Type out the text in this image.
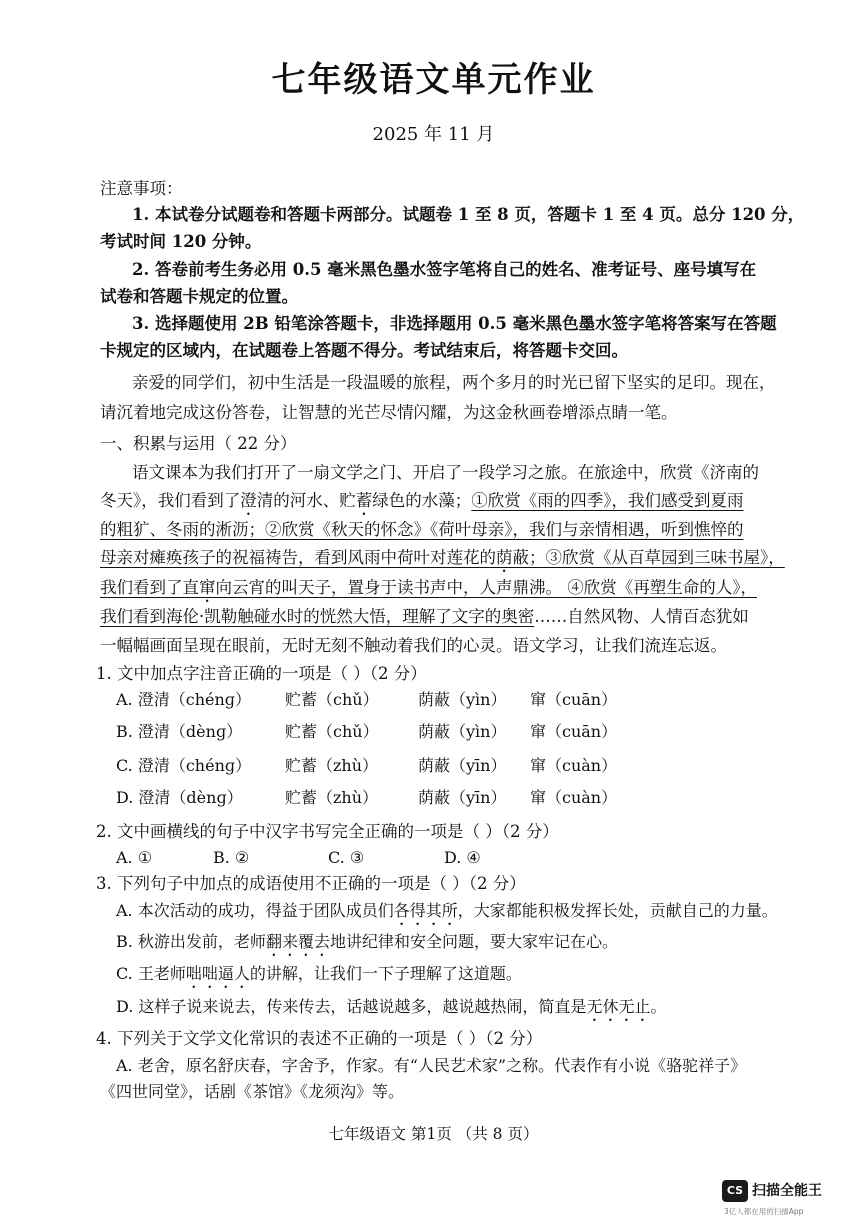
七年级语文单元作业
2025 年 11 月
注意事项：
1. 本试卷分试题卷和答题卡两部分。试题卷 1 至 8 页，答题卡 1 至 4 页。总分 120 分，
考试时间 120 分钟。
2. 答卷前考生务必用 0.5 毫米黑色墨水签字笔将自己的姓名、准考证号、座号填写在
试卷和答题卡规定的位置。
3. 选择题使用 2B 铅笔涂答题卡，非选择题用 0.5 毫米黑色墨水签字笔将答案写在答题
卡规定的区域内，在试题卷上答题不得分。考试结束后，将答题卡交回。
亲爱的同学们，初中生活是一段温暖的旅程，两个多月的时光已留下坚实的足印。现在，
请沉着地完成这份答卷，让智慧的光芒尽情闪耀，为这金秋画卷增添点睛一笔。
一、积累与运用（ 22 分）
语文课本为我们打开了一扇文学之门、开启了一段学习之旅。在旅途中，欣赏《济南的
冬天》，我们看到了澄清的河水、贮蓄绿色的水藻；①欣赏《雨的四季》，我们感受到夏雨
的粗犷、冬雨的淅沥；②欣赏《秋天的怀念》《荷叶母亲》，我们与亲情相遇，听到憔悴的
母亲对瘫痪孩子的祝福祷告，看到风雨中荷叶对莲花的荫蔽；③欣赏《从百草园到三味书屋》，
我们看到了直窜向云宵的叫天子，置身于读书声中，人声鼎沸。 ④欣赏《再塑生命的人》，
我们看到海伦·凯勒触碰水时的恍然大悟，理解了文字的奥密……自然风物、人情百态犹如
一幅幅画面呈现在眼前，无时无刻不触动着我们的心灵。语文学习，让我们流连忘返。
1. 文中加点字注音正确的一项是（ ）（2 分）
A. 澄清（chénɡ） 贮蓄（chǔ） 荫蔽（yìn） 窜（cuān）
B. 澄清（dènɡ）	贮蓄（chǔ） 荫蔽（yìn） 窜（cuān）
C. 澄清（chénɡ） 贮蓄（zhù） 荫蔽（yīn） 窜（cuàn）
D. 澄清（dènɡ）	贮蓄（zhù） 荫蔽（yīn） 窜（cuàn）
2. 文中画横线的句子中汉字书写完全正确的一项是（ ）（2 分）
A. ①	B. ②	C. ③	D. ④
3. 下列句子中加点的成语使用不正确的一项是（ ）（2 分）
A. 本次活动的成功，得益于团队成员们各得其所，大家都能积极发挥长处，贡献自己的力量。
B. 秋游出发前，老师翻来覆去地讲纪律和安全问题，要大家牢记在心。
C. 王老师咄咄逼人的讲解，让我们一下子理解了这道题。
D. 这样子说来说去，传来传去，话越说越多，越说越热闹，简直是无休无止。
4. 下列关于文学文化常识的表述不正确的一项是（ ）（2 分）
A. 老舍，原名舒庆春，字舍予，作家。有“人民艺术家”之称。代表作有小说《骆驼祥子》
《四世同堂》，话剧《茶馆》《龙须沟》等。
七年级语文 第1页 （共 8 页）
CS 扫描全能王
3亿人都在用的扫描App
